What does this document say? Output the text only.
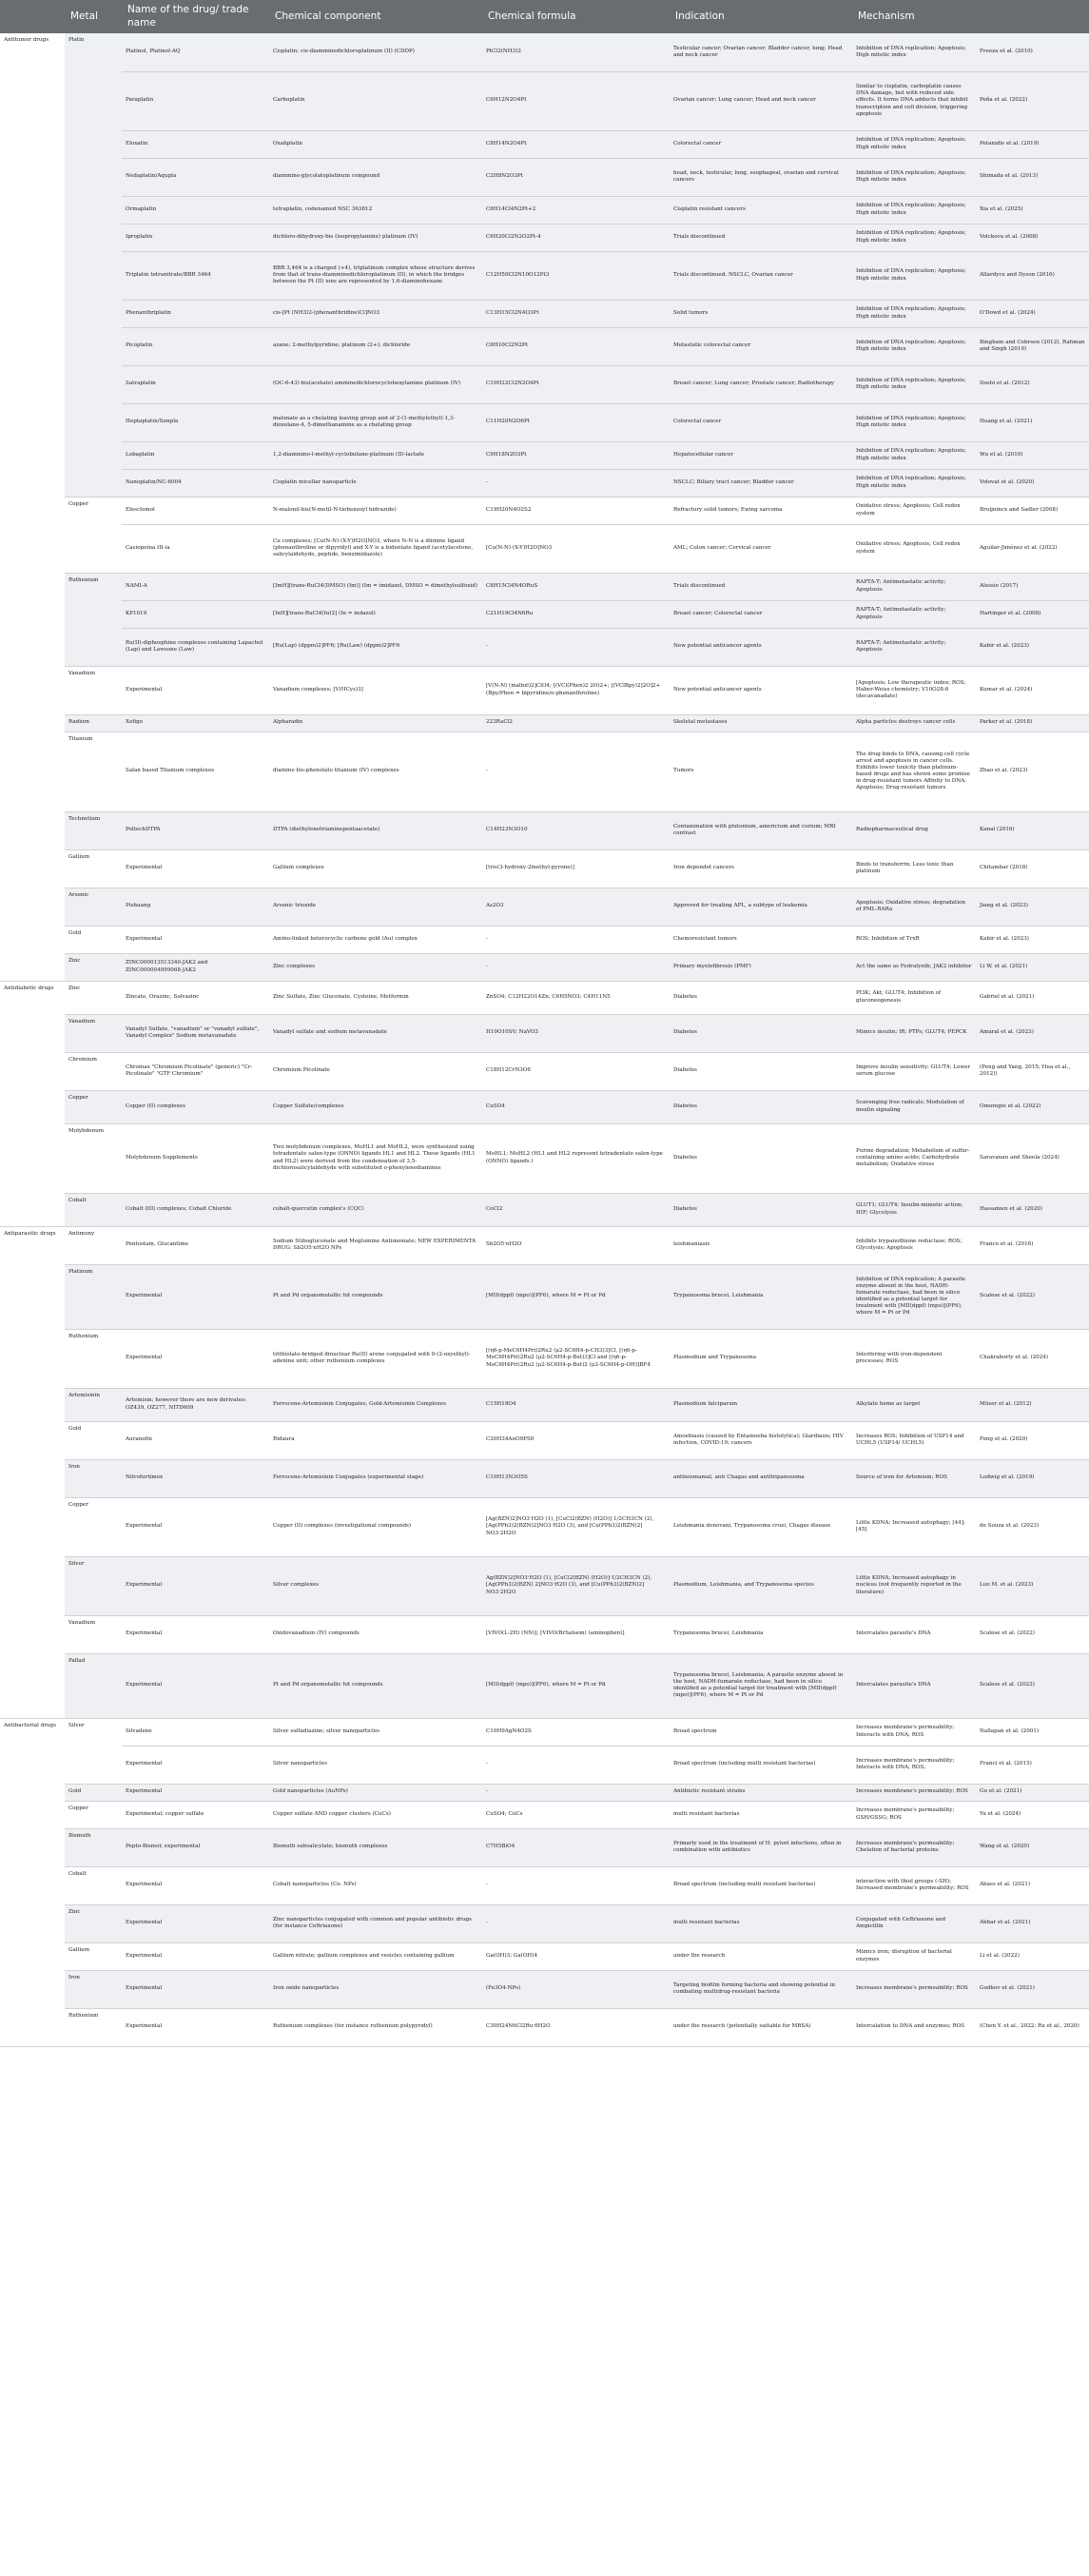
	Metal	Name of the drug/ trade name	Chemical component	Chemical formula	Indication	Mechanism	
Antitumor drugs	Platin	Platinol, Platinol-AQ	Cisplatin; cis-diamminedichloroplatinum (II) (CDDP)	PtCl2(NH3)2	Testicular cancer; Ovarian cancer; Bladder cancer, lung; Head and neck cancer	Inhibition of DNA replication; Apoptosis; High mitotic index	Freeza et al. (2010)
		Paraplatin	Carboplatin	C6H12N2O4Pt	Ovarian cancer; Lung cancer; Head and neck cancer	Similar to cisplatin, carboplatin causes DNA damage, but with reduced side effects. It forms DNA adducts that inhibit transcription and cell division, triggering apoptosis	Peña et al. (2022)
		Eloxatin	Oxaliplatin	C8H14N2O4Pt	Colorectal cancer	Inhibition of DNA replication; Apoptosis; High mitotic index	Petanidis et al. (2019)
		Nedaplatin/Aqupla	diammine-glycolatoplatinum compound	C2H8N2O3Pt	head, neck, testicular, lung, esophageal, ovarian and cervical cancers	Inhibition of DNA replication; Apoptosis; High mitotic index	Shimada et al. (2013)
		Ormaplatin	tetraplatin, codenamed NSC 363812	C6H14Cl4N2Pt+2	Cisplatin resistant cancers	Inhibition of DNA replication; Apoptosis; High mitotic index	Xia et al. (2025)
		Iproplatin	dichloro-dihydroxy-bis (isopropylamine) platinum (IV)	C6H20Cl2N2O2Pt-4	Trials discontinued	Inhibition of DNA replication; Apoptosis; High mitotic index	Volckova et al. (2008)
		Triplatin tetranitrate/BBR 3464	BBR 3,464 is a charged (+4), triplatinum complex whose structure derives from that of trans-diamminedichloroplatinum (II), in which the bridges between the Pt (II) ions are represented by 1,6-diaminohexane	C12H50Cl2N10O12Pt3	Trials discontinued. NSCLC, Ovarian cancer	Inhibition of DNA replication; Apoptosis; High mitotic index	Allardyce and Dyson (2016)
		Phenanthriplatin	cis-[Pt (NH3)2-(phenanthridine)Cl]NO3	C13H15Cl2N4O3Pt	Solid tumors	Inhibition of DNA replication; Apoptosis; High mitotic index	O'Dowd et al. (2024)
		Picoplatin	azane; 2-methylpyridine; platinum (2+); dichloride	C6H10Cl2N2Pt	Metastatic colorectal cancer	Inhibition of DNA replication; Apoptosis; High mitotic index	Bingham and Cobrsen (2012), Rahman and Singh (2019)
		Satraplatin	(OC-6-43)-bis(acetato) amminedichlorocyclohexylamine platinum (IV)	C10H22Cl2N2O4Pt	Breast cancer; Lung cancer; Prostate cancer; Radiotherapy	Inhibition of DNA replication; Apoptosis; High mitotic index	Doshi et al. (2012)
		Heptaplatin/Sunpla	malonate as a chelating leaving group and of 2-(1-methylethyl)-1,3-dioxolane-4, 5-dimethanamine as a chelating group	C11H20N2O6Pt	Colorectal cancer	Inhibition of DNA replication; Apoptosis; High mitotic index	Huang et al. (2021)
		Lobaplatin	1,2-diammino-l-methyl-cyclobutane-platinum (II)-lactate	C9H18N2O3Pt	Hepatocellular cancer	Inhibition of DNA replication; Apoptosis; High mitotic index	Wu et al. (2010)
		Nanoplatin/NC-6004	Cisplatin micellar nanoparticle	-	NSCLC; Biliary tract cancer; Bladder cancer	Inhibition of DNA replication; Apoptosis; High mitotic index	Volovat et al. (2020)
	Copper	Elesclomol	N-malonil-bis(N-metil-N-tiobenzoyl hidrazide)	C19H20N4O2S2	Refractory solid tumors; Ewing sarcoma	Oxidative stress; Apoptosis; Cell redox system	Bruijnincx and Sadler (2008)
		Casiopeína III-ia	Cu complexes; [Cu(N-N) (X-Y)H2O]NO3, where N-N is a diimine ligand (phenanthroline or dipyridyl) and X-Y is a bidentate ligand (acetylacetone, salicylaldehyde, peptide, benzimidazole)	[Cu(N-N) (X-Y)H2O]NO3	AML; Colon cancer; Cervical cancer	Oxidative stress; Apoptosis; Cell redox system	Aguilar-Jiménez et al. (2022)
	Ruthenium	NAMI-A	[ImH][trans-RuCl4(DMSO) (Im)] (Im = imidazol, DMSO = dimethylsulfoxid)	C8H15Cl4N4ORuS	Trials discontinued	RAPTA-T; Antimetastatic activity; Apoptosis	Alessio (2017)
		KP1019	[InH][trans-RuCl4(In)2] (In = indazol)	C21H19Cl4N6Ru	Breast cancer; Colorectal cancer	RAPTA-T; Antimetastatic activity; Apoptosis	Hartinger et al. (2008)
		Ru(II)-diphosphine complexes containing Lapachol (Lap) and Lawsone (Law)	[Ru(Lap) (dppm)2]PF6; [Ru(Law) (dppm)2]PF6	-	New potential anticancer agents	RAPTA-T; Antimetastatic activity; Apoptosis	Kabir et al. (2023)
	Vanadium	Experimental	Vanadium complexes; [V(HCys)3]	[V(N-N) (malbzl)2]ClO4; [(VCl(Phen)2 2O)2+; [(VClBpy)2]2O]2+ (Bpy/Phen = bipyridine/o-phenanthroline)	New potential anticancer agents	[Apoptosis; Low therapeutic index; ROS; Haber-Weiss chemistry; V10O28-6 (decavanadate)	Kumar et al. (2024)
	Radium	Xofigo	Alpharadin	223RaCl2	Skeletal metastases	Alpha particles destroys cancer cells	Parker et al. (2018)
	Titanium	Salan based Titanium complexes	diamino bis-phenolato titanium (IV) complexes	-	Tumors	The drug binds to DNA, causing cell cycle arrest and apoptosis in cancer cells. Exhibits lower toxicity than platinum-based drugs and has shown some promise in drug-resistant tumors Affinity to DNA; Apoptosis; Drug-resistant tumors	Zhao et al. (2023)
	Technetium	PoltechDTPA	DTPA (diethylenetriaminepentaacetate)	C14H23N3O10	Contamination with plutonium, americium and curium; MRI contrast	Radiopharmaceutical drug	Kanal (2016)
	Gallium	Experimental	Gallium complexes	[tris(3-hydroxy-2methyl-pyrone)]	Iron dependet cancers	Binds to transferrin; Less toxic than platinum	Chitambar (2018)
	Arsenic	Pishuang	Arsenic trioxide	As2O3	Approved for treating APL, a subtype of leukemia	Apoptosis; Oxidative stress; degradation of PML-RARa	Jiang et al. (2023)
	Gold	Experimental	Amino-linked heterocyclic carbene gold (Au) complex	-	Chemoresistant tumors	ROS; Inhibition of TrxR	Kabir et al. (2023)
	Zinc	ZINC000013513340-JAK2 and ZINC000004099068-JAK2	Zinc complexes	-	Primary myelofibrosis (PMF)	Act the same as Fedratynib; JAK2 inhibitor	Li W. et al. (2021)
Antidiabetic drugs	Zinc	Zincate, Orazinc, Solvazinc	Zinc Sulfate, Zinc Gluconate, Cysteine, Metformin	ZnSO4; C12H22O14Zn; C6H5NO3; C4H11N5	Diabetes	PI3K; Akt; GLUT4; Inhibition of gluconeogenesis	Gabriel et al. (2021)
	Vanadium	Vanadyl Sulfate, "vanadium" or "vanadyl sulfate", Vanadyl Complex" Sodium metavanadate	Vanadyl sulfate and sodium metavanadate	H10O10SV; NaVO3	Diabetes	Mimics insulin; IR; PTPs; GLUT4; PEPCK	Amaral et al. (2023)
	Chromium	Chromax "Chromium Picolinate" (generic) "Cr-Picolinate" "GTF Chromium"	Chromium Picolinate	C18H12CrN3O6	Diabetes	Improve insulin sensitivity; GLUT4; Lower serum glucose	(Peng and Yang, 2015; Hua et al., 2012))
	Copper	Copper (II) complexes	Copper Sulfate/complexes	CuSO4	Diabetes	Scavenging free radicals; Modulation of insulin signaling	Omoregie et al. (2022)
	Molybdenum	Molybdenum Supplements	Two molybdenum complexes, MoHL1 and MoHL2, were synthesized using tetradentate salen-type (ONNO) ligands HL1 and HL2. These ligands (HL1 and HL2) were derived from the condensation of 3,5-dichlorosalicylaldehyde with substituted o-phenylenediamines	MoHL1; MoHL2 (HL1 and HL2 represent tetradentate salen-type (ONNO) ligands.)	Diabetes	Purine degradation; Metabolism of sulfur-containing amino acids; Carbohydrate metabolism; Oxidative stress	Saravanan and Sheela (2024)
	Cobalt	Cobalt (III) complexes; Cobalt Chloride	cobalt-quercetin complex's (CQC)	CoCl2	Diabetes	GLUT1; GLUT4; Insulin-mimetic action; HIF; Glycolysis	Hassanien et al. (2020)
Antiparasitic drugs	Antimony	Pentostam, Glucantime	Sodium Stibogluconate and Meglumine Antimoniate; NEW EXPERIMENTA DRUG: Sb2O5·nH2O NPs	Sb2O5·nH2O	leishmaniasis	Inhibits trypanothione reductase; ROS; Glycolysis; Apoptosis	Franco et al. (2016)
	Platinum	Experimental	Pt and Pd organometallic hit compounds	[MII(dppf) (mpo)](PF6), where M = Pt or Pd	Trypanosoma brucei, Leishmania	Inhibition of DNA replication; A parasite enzyme absent in the host, NADH-fumarate reductase, had been in silico identified as a potential target for treatment with [MII(dppf) (mpo)](PF6), where M = Pt or Pd	Scalese et al. (2022)
	Ruthenium	Experimental	trithiolato-bridged dinuclear Ru(II) arene conjugated with 9-(2-oxyethyl)-adenine unit; other ruthenium complexes	[(η6-p-MeC6H4Pri)2Ru2 (μ2-SC6H4-p-CH3)3]Cl, [(η6-p-MeC6H4Pri)2Ru2 (μ2-SC6H4-p-But)3]Cl and [(η6-p-MeC6H4Pri)2Ru2 (μ2-SC6H4-p-But)2 (μ2-SC6H4-p-OH)]BF4	Plasmodium and Trypanosoma	Interfering with iron-dependent processes; ROS	Chakraborty et al. (2024)
	Artemisinin	Artemisin; however there are new derivates: OZ439, OZ277, NITD609	Ferrocene-Artemisinin Conjugates, Gold-Artemisinin Complexes	C15H18O4	Plasmodium falciparum	Alkylate heme as target	Müser et al. (2012)
	Gold	Auranofin	Ridaura	C20H34AuO9PS0	Amoebiasis (caused by Entamoeba histolytica); Giardiasis; HIV infection, COVID-19; cancers	Increases ROS; Inhibition of USP14 and UCHL5 (USP14/ UCHL5)	Feng et al. (2020)
	Iron	Nitrofurtimox	Ferrocene-Artemisinin Conjugates (experimental stage)	C10H13N3O5S	antileismanial, anti Chagas and antitripanosoma	Source of iron for Artemisin; ROS	Ludwig et al. (2019)
	Copper	Experimental	Copper (II) complexes (investigational compounds)	[Ag(BZN)2]NO3·H2O (1), [CuCl2(BZN) (H2O)] 1/2CH3CN (2), [Ag(PPh3)2(BZN)2]NO3·H2O (3), and [Cu(PPh3)2(BZN)2] NO3·2H2O	Leishmania donovani, Trypanosoma cruzi, Chagas disease	Little KDNA; Increased autophagy; [44]; [45]	de Souza et al. (2023)
	Silver	Experimental	Silver complexes	Ag(BZN)2]NO3·H2O (1), [CuCl2(BZN) (H2O)]·1/2CH3CN (2), [Ag(PPh3)2(BZN) 2]NO3·H2O (3), and [Cu(PPh3)2(BZN)2] NO3·2H2O	Plasmodium, Leishmania, and Trypanosoma species	Little KDNA; Increased autophagy in nucleus (not frequently reported in the literature)	Luo M. et al. (2023)
	Vanadium	Experimental	Oxidovanadium (IV) compounds	[VIVO(L-2H) (NN)]; [VIVO(BrSalsem) (aminophen)]	Trypanosoma brucei, Leishmania	Intercalates parasite's DNA	Scalese et al. (2022)
	Pallad	Experimental	Pt and Pd organometallic hit compounds	[MII(dppf) (mpo)](PF6), where M = Pt or Pd	Trypanosoma brucei, Leishmania; A parasite enzyme absent in the host, NADH-fumarate reductase, had been in silico identified as a potential target for treatment with [MII(dppf) (mpo)](PF6), where M = Pt or Pd	Intercalates parasite's DNA	Scalese et al. (2022)
Antibacterial drugs	Silver	Silvadene	Silver sulfadiazine; silver nanoparticles	C10H9AgN4O2S	Broad spectrum	Increases membrane's permeability; Interacts with DNA; ROS	Nallapan et al. (2001)
		Experimental	Silver nanoparticles	-	Broad spectrum (including multi resistant bacterias)	Increases membrane's permeability; Interacts with DNA; ROS;	Franci et al. (2015)
	Gold	Experimental	Gold nanoparticles (AuNPs)	-	Antibiotic resistant strains	Increases membrane's permeability; ROS	Gu et al. (2021)
	Copper	Experimental; copper sulfate	Copper sulfate AND copper clusters (CuCs)	CuSO4; CuCs	multi resistant bacterias	Increases membrane's permeability; GSH/GSSG; ROS	Yu et al. (2024)
	Bismuth	Pepto-Bismol; experimental	Bismuth subsalicylate; bismuth complexes	C7H5BiO4	Primarly used in the treatment of H. pylori infections, often in combination with antibiotics	Increases membrane's permeability; Chelation of bacterial proteins	Wang et al. (2020)
	Cobalt	Experimental	Cobalt nanoparticles (Co. NPs)	-	Broad spectrum (including multi resistant bacterias)	interaction with thiol groups (-SH); Increased membrane's permeability; ROS	Abass et al. (2021)
	Zinc	Experimental	Zinc nanoparticles conjugated with common and popular antibiotic drugs (for instance Ceftriaxone)	-	multi resistant bacterias	Conjugated with Ceftriaxone and Ampicillin	Akbar et al. (2021)
	Gallium	Experimental	Gallium nitrate; gallium complexes and vesicles containing gallium	Ga(OH)3; Ga(OH)4	under the research	Mimics iron; disruption of bacterial enzymes	Li et al. (2022)
	Iron	Experimental	Iron oxide nanoparticles	(Fe3O4-NPs)	Targeting biofilm forming bacteria and showing potential in combating multidrug-resistant bacteria	Increases membrane's permeability; ROS	Gudkov et al. (2021)
	Ruthenium	Experimental	Ruthenium complexes (for instance ruthenium polypyridyl)	C30H24N6Cl2Ru·6H2O	under the research (potentially suitable for MRSA)	Intercalation to DNA and enzymes; ROS	(Chen Y. et al., 2022; Ru et al., 2020)
